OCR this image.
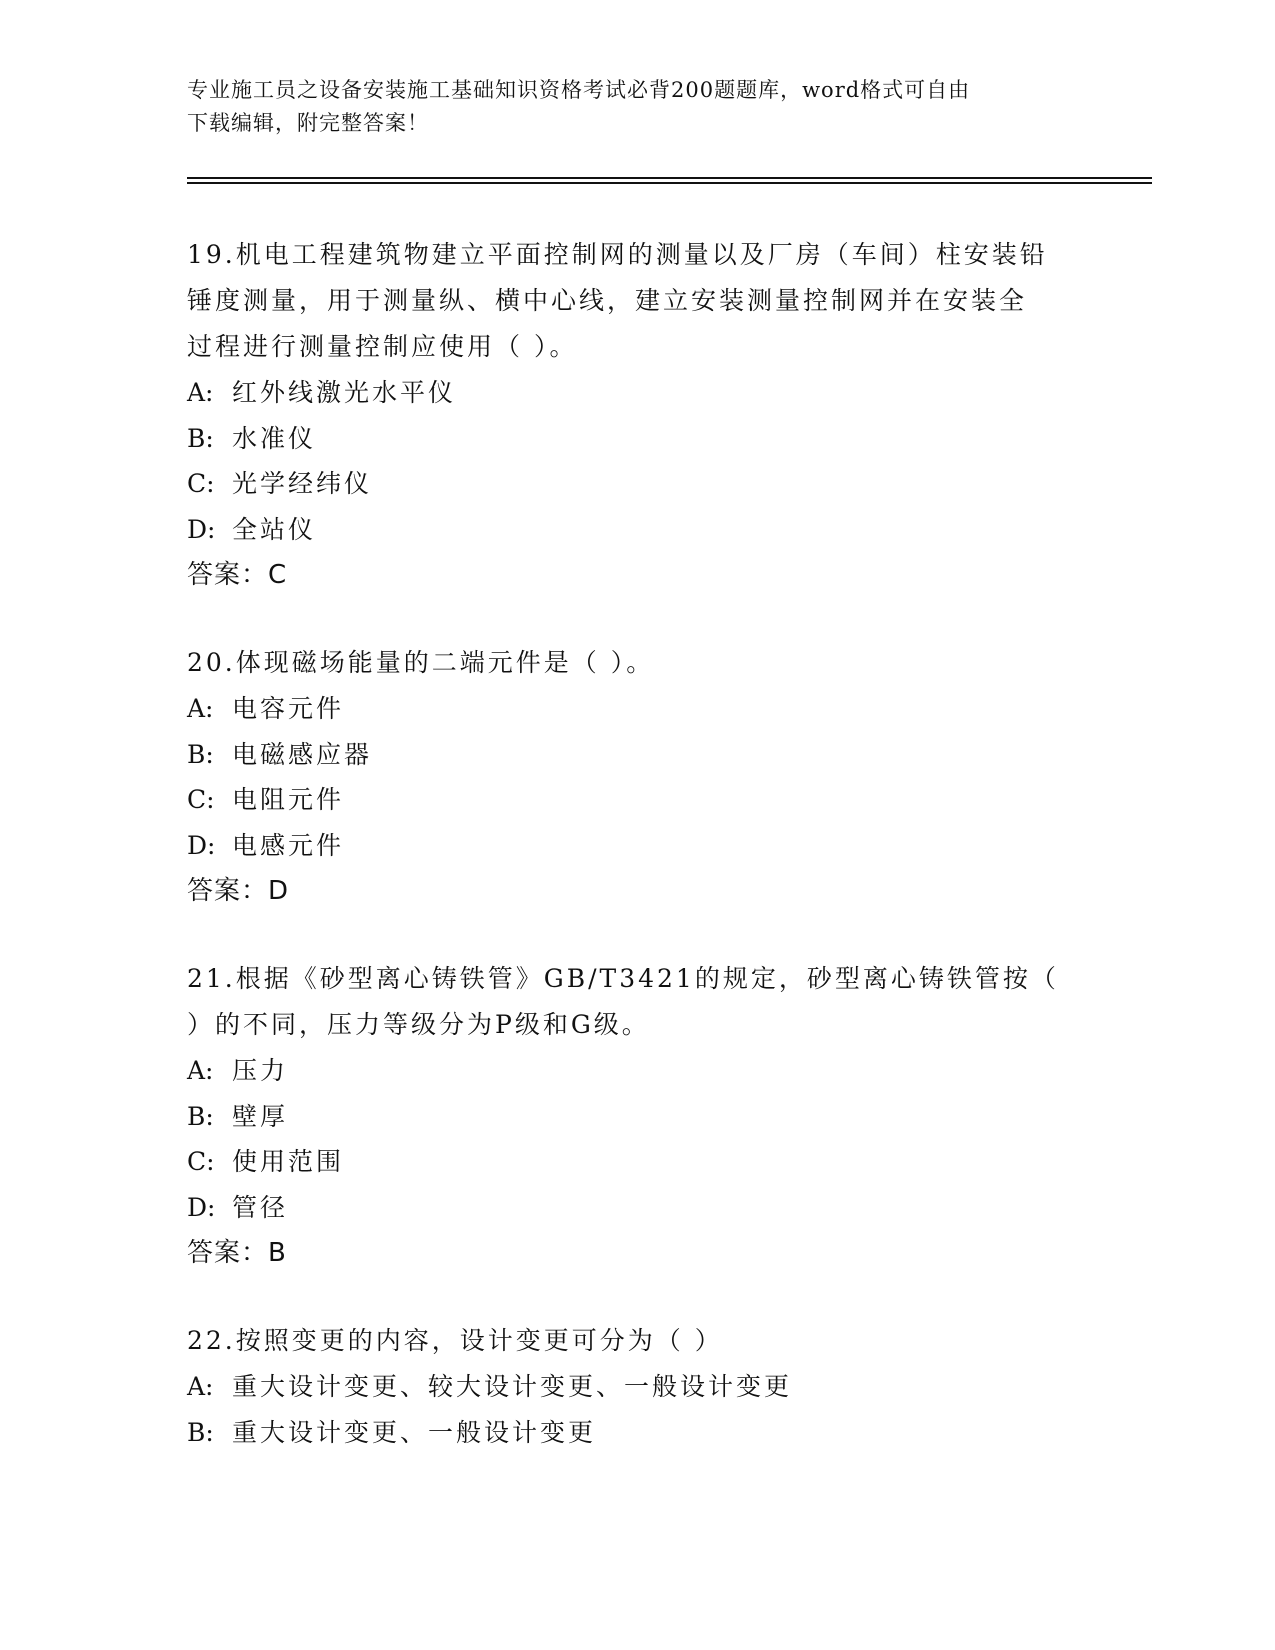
专业施工员之设备安装施工基础知识资格考试必背200题题库，word格式可自由
下载编辑，附完整答案！

19.机电工程建筑物建立平面控制网的测量以及厂房（车间）柱安装铅

锤度测量，用于测量纵、横中心线，建立安装测量控制网并在安装全

过程进行测量控制应使用（ ）。

A: 红外线激光水平仪

B: 水准仪

C: 光学经纬仪

D: 全站仪

答案：C

20.体现磁场能量的二端元件是（ ）。

A: 电容元件

B: 电磁感应器

C: 电阻元件

D: 电感元件

答案：D

21.根据《砂型离心铸铁管》GB/T3421的规定，砂型离心铸铁管按（

）的不同，压力等级分为P级和G级。

A: 压力

B: 壁厚

C: 使用范围

D: 管径

答案：B

22.按照变更的内容，设计变更可分为（ ）

A: 重大设计变更、较大设计变更、一般设计变更

B: 重大设计变更、一般设计变更
